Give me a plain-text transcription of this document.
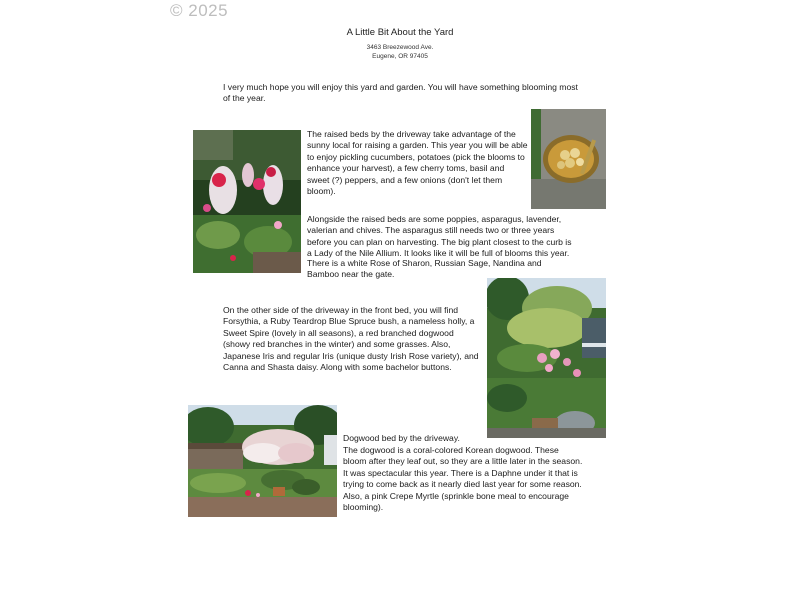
© 2025
A Little Bit About the Yard
3463 Breezewood Ave.
Eugene, OR 97405
I very much hope you will enjoy this yard and garden. You will have something blooming most of the year.
The raised beds by the driveway take advantage of the sunny local for raising a garden. This year you will be able to enjoy pickling cucumbers, potatoes (pick the blooms to enhance your harvest), a few cherry toms, basil and sweet (?) peppers, and a few onions (don't let them bloom).
Alongside the raised beds are some poppies, asparagus, lavender, valerian and chives. The asparagus still needs two or three years before you can plan on harvesting. The big plant closest to the curb is a Lady of the Nile Allium. It looks like it will be full of blooms this year.
There is a white Rose of Sharon, Russian Sage, Nandina and Bamboo near the gate.
On the other side of the driveway in the front bed, you will find Forsythia, a Ruby Teardrop Blue Spruce bush, a nameless holly, a Sweet Spire (lovely in all seasons), a red branched dogwood (showy red branches in the winter) and some grasses. Also, Japanese Iris and regular Iris (unique dusty Irish Rose variety), and Canna and Shasta daisy. Along with some bachelor buttons.
Dogwood bed by the driveway.
The dogwood is a coral-colored Korean dogwood. These bloom after they leaf out, so they are a little later in the season. It was spectacular this year. There is a Daphne under it that is trying to come back as it nearly died last year for some reason. Also, a pink Crepe Myrtle (sprinkle bone meal to encourage blooming).
